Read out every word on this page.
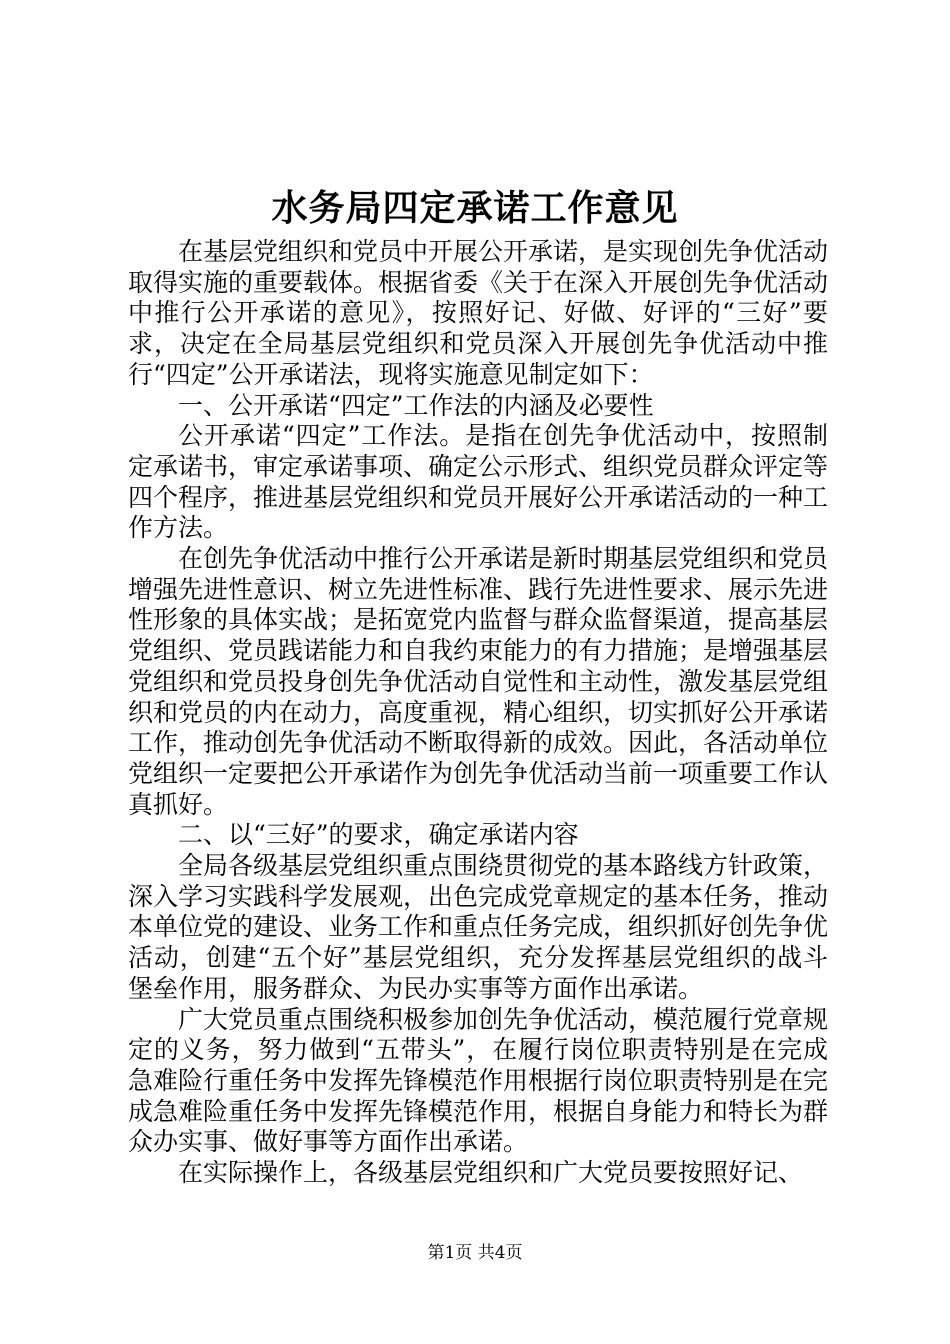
水务局四定承诺工作意见

在基层党组织和党员中开展公开承诺，是实现创先争优活动取得实施的重要载体。根据省委《关于在深入开展创先争优活动中推行公开承诺的意见》，按照好记、好做、好评的“三好”要求，决定在全局基层党组织和党员深入开展创先争优活动中推行“四定”公开承诺法，现将实施意见制定如下：

一、公开承诺“四定”工作法的内涵及必要性

公开承诺“四定”工作法。是指在创先争优活动中，按照制定承诺书，审定承诺事项、确定公示形式、组织党员群众评定等四个程序，推进基层党组织和党员开展好公开承诺活动的一种工作方法。

在创先争优活动中推行公开承诺是新时期基层党组织和党员增强先进性意识、树立先进性标准、践行先进性要求、展示先进性形象的具体实战；是拓宽党内监督与群众监督渠道，提高基层党组织、党员践诺能力和自我约束能力的有力措施；是增强基层党组织和党员投身创先争优活动自觉性和主动性，激发基层党组织和党员的内在动力，高度重视，精心组织，切实抓好公开承诺工作，推动创先争优活动不断取得新的成效。因此，各活动单位党组织一定要把公开承诺作为创先争优活动当前一项重要工作认真抓好。

二、以“三好”的要求，确定承诺内容

全局各级基层党组织重点围绕贯彻党的基本路线方针政策，深入学习实践科学发展观，出色完成党章规定的基本任务，推动本单位党的建设、业务工作和重点任务完成，组织抓好创先争优活动，创建“五个好”基层党组织，充分发挥基层党组织的战斗堡垒作用，服务群众、为民办实事等方面作出承诺。

广大党员重点围绕积极参加创先争优活动，模范履行党章规定的义务，努力做到“五带头”，在履行岗位职责特别是在完成急难险行重任务中发挥先锋模范作用根据行岗位职责特别是在完成急难险重任务中发挥先锋模范作用，根据自身能力和特长为群众办实事、做好事等方面作出承诺。

在实际操作上，各级基层党组织和广大党员要按照好记、

第1页 共4页
